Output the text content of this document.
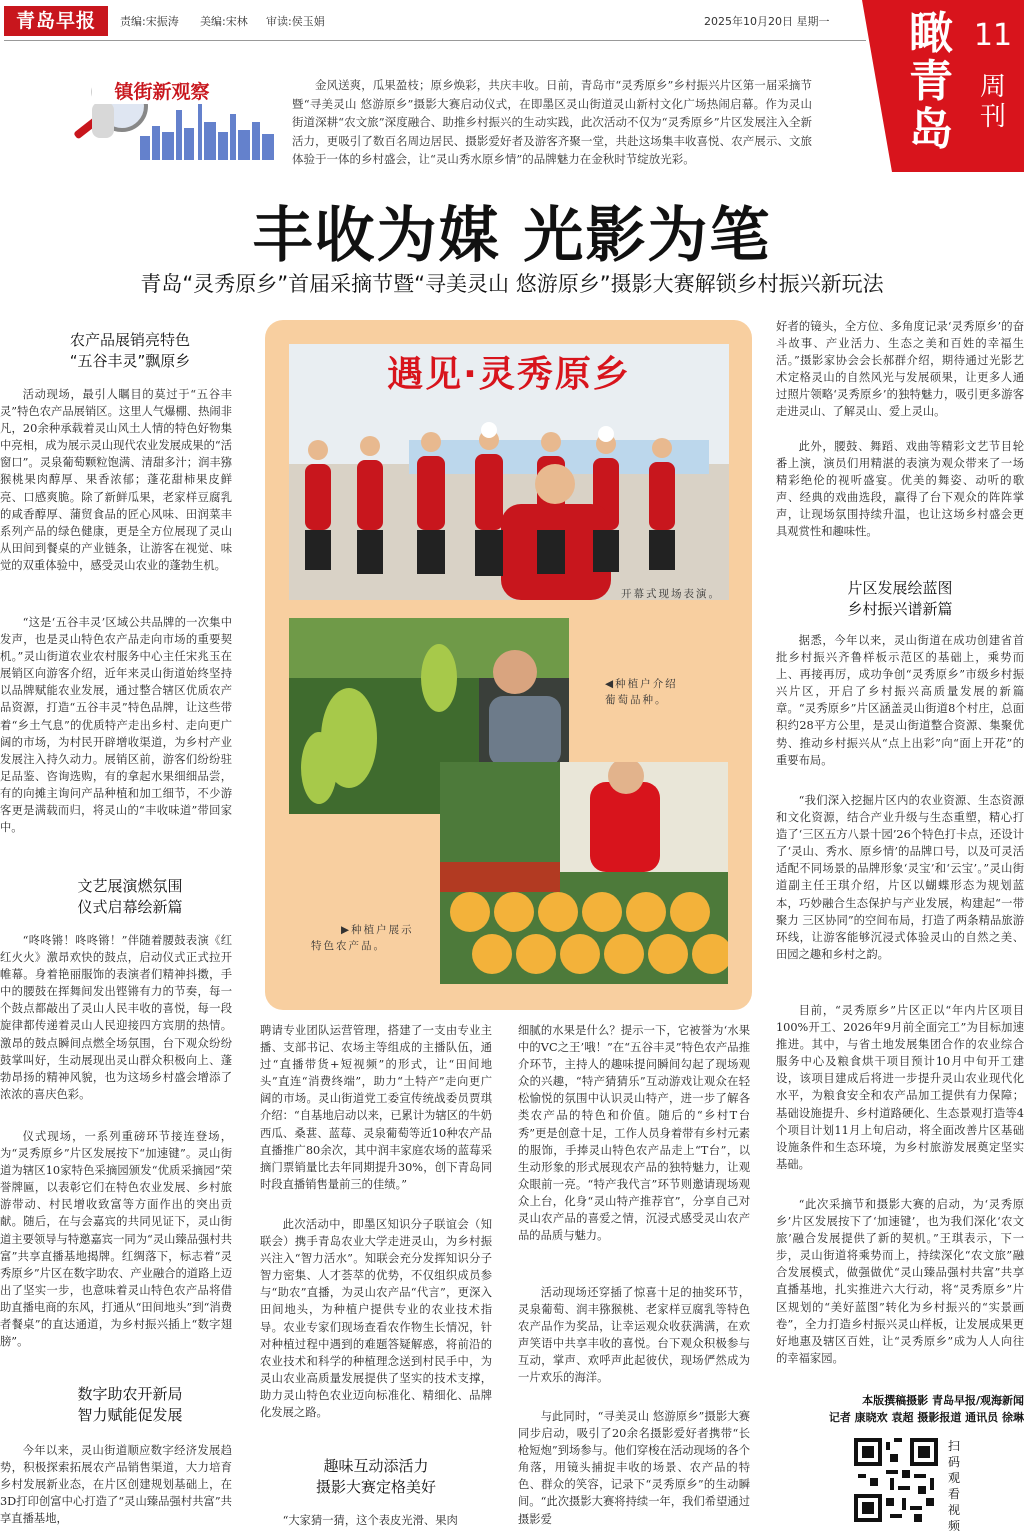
青岛早报	责编:宋振涛 美编:宋林 审读:侯玉娟	2025年10月20日 星期一 瞰青岛
11
周刊
镇街新观察	金风送爽，瓜果盈枝；原乡焕彩，共庆丰收。日前，青岛市“灵秀原乡”乡村振兴片区第一届采摘节暨“寻美灵山 悠游原乡”摄影大赛启动仪式，在即墨区灵山街道灵山新村文化广场热闹启幕。作为灵山街道深耕“农文旅”深度融合、助推乡村振兴的生动实践，此次活动不仅为“灵秀原乡”片区发展注入全新活力，更吸引了数百名周边居民、摄影爱好者及游客齐聚一堂，共赴这场集丰收喜悦、农产展示、文旅体验于一体的乡村盛会，让“灵山秀水原乡情”的品牌魅力在金秋时节绽放光彩。
丰收为媒 光影为笔
青岛“灵秀原乡”首届采摘节暨“寻美灵山 悠游原乡”摄影大赛解锁乡村振兴新玩法
农产品展销亮特色
“五谷丰灵”飘原乡
活动现场，最引人瞩目的莫过于“五谷丰灵”特色农产品展销区。这里人气爆棚、热闹非凡，20余种承载着灵山风土人情的特色好物集中亮相，成为展示灵山现代农业发展成果的“活窗口”。灵泉葡萄颗粒饱满、清甜多汁；润丰猕猴桃果肉醇厚、果香浓郁；蓬花甜柿果皮鲜亮、口感爽脆。除了新鲜瓜果，老家样豆腐乳的咸香醇厚、蒲贸食品的匠心风味、田润菜丰系列产品的绿色健康，更是全方位展现了灵山从田间到餐桌的产业链条，让游客在视觉、味觉的双重体验中，感受灵山农业的蓬勃生机。
“这是‘五谷丰灵’区域公共品牌的一次集中发声，也是灵山特色农产品走向市场的重要契机。”灵山街道农业农村服务中心主任宋兆玉在展销区向游客介绍，近年来灵山街道始终坚持以品牌赋能农业发展，通过整合辖区优质农产品资源，打造“五谷丰灵”特色品牌，让这些带着“乡土气息”的优质特产走出乡村、走向更广阔的市场，为村民开辟增收渠道，为乡村产业发展注入持久动力。展销区前，游客们纷纷驻足品鉴、咨询选购，有的拿起水果细细品尝，有的向摊主询问产品种植和加工细节，不少游客更是满载而归，将灵山的“丰收味道”带回家中。
文艺展演燃氛围
仪式启幕绘新篇
“咚咚锵！咚咚锵！”伴随着腰鼓表演《红红火火》激昂欢快的鼓点，启动仪式正式拉开帷幕。身着艳丽服饰的表演者们精神抖擞，手中的腰鼓在挥舞间发出铿锵有力的节奏，每一个鼓点都敲出了灵山人民丰收的喜悦，每一段旋律都传递着灵山人民迎接四方宾朋的热情。激昂的鼓点瞬间点燃全场氛围，台下观众纷纷鼓掌叫好，生动展现出灵山群众积极向上、蓬勃昂扬的精神风貌，也为这场乡村盛会增添了浓浓的喜庆色彩。
仪式现场，一系列重磅环节接连登场，为“灵秀原乡”片区发展按下“加速键”。灵山街道为辖区10家特色采摘园颁发“优质采摘园”荣誉牌匾，以表彰它们在特色农业发展、乡村旅游带动、村民增收致富等方面作出的突出贡献。随后，在与会嘉宾的共同见证下，灵山街道主要领导与特邀嘉宾一同为“灵山臻品强村共富”共享直播基地揭牌。红绸落下，标志着“灵秀原乡”片区在数字助农、产业融合的道路上迈出了坚实一步，也意味着灵山特色农产品将借助直播电商的东风，打通从“田间地头”到“消费者餐桌”的直达通道，为乡村振兴插上“数字翅膀”。
数字助农开新局
智力赋能促发展
今年以来，灵山街道顺应数字经济发展趋势，积极探索拓展农产品销售渠道，大力培育乡村发展新业态，在片区创建规划基础上，在3D打印创富中心打造了“灵山臻品强村共富”共享直播基地，
遇见·灵秀原乡
开幕式现场表演。
◀种植户介绍
葡萄品种。
▶种植户展示
特色农产品。
聘请专业团队运营管理，搭建了一支由专业主播、支部书记、农场主等组成的主播队伍，通过“直播带货+短视频”的形式，让“田间地头”直连“消费终端”，助力“土特产”走向更广阔的市场。灵山街道党工委宣传统战委员贾琪介绍：“自基地启动以来，已累计为辖区的牛奶西瓜、桑葚、蓝莓、灵泉葡萄等近10种农产品直播推广80余次，其中润丰家庭农场的蓝莓采摘门票销量比去年同期提升30%，创下青岛同时段直播销售量前三的佳绩。”
此次活动中，即墨区知识分子联谊会（知联会）携手青岛农业大学走进灵山，为乡村振兴注入“智力活水”。知联会充分发挥知识分子智力密集、人才荟萃的优势，不仅组织成员参与“助农”直播，为灵山农产品“代言”，更深入田间地头，为种植户提供专业的农业技术指导。农业专家们现场查看农作物生长情况，针对种植过程中遇到的难题答疑解惑，将前沿的农业技术和科学的种植理念送到村民手中，为灵山农业高质量发展提供了坚实的技术支撑，助力灵山特色农业迈向标准化、精细化、品牌化发展之路。
趣味互动添活力
摄影大赛定格美好
“大家猜一猜，这个表皮光滑、果肉
细腻的水果是什么？提示一下，它被誉为‘水果中的VC之王’哦！”在“五谷丰灵”特色农产品推介环节，主持人的趣味提问瞬间勾起了现场观众的兴趣，“特产猜猜乐”互动游戏让观众在轻松愉悦的氛围中认识灵山特产，进一步了解各类农产品的特色和价值。随后的“乡村T台秀”更是创意十足，工作人员身着带有乡村元素的服饰，手捧灵山特色农产品走上“T台”，以生动形象的形式展现农产品的独特魅力，让观众眼前一亮。“特产我代言”环节则邀请现场观众上台，化身“灵山特产推荐官”，分享自己对灵山农产品的喜爱之情，沉浸式感受灵山农产品的品质与魅力。
活动现场还穿插了惊喜十足的抽奖环节，灵泉葡萄、润丰猕猴桃、老家样豆腐乳等特色农产品作为奖品，让幸运观众收获满满，在欢声笑语中共享丰收的喜悦。台下观众积极参与互动，掌声、欢呼声此起彼伏，现场俨然成为一片欢乐的海洋。
与此同时，“寻美灵山 悠游原乡”摄影大赛同步启动，吸引了20余名摄影爱好者携带“长枪短炮”到场参与。他们穿梭在活动现场的各个角落，用镜头捕捉丰收的场景、农产品的特色、群众的笑容，记录下“灵秀原乡”的生动瞬间。“此次摄影大赛将持续一年，我们希望通过摄影爱
好者的镜头，全方位、多角度记录‘灵秀原乡’的奋斗故事、产业活力、生态之美和百姓的幸福生活。”摄影家协会会长郝群介绍，期待通过光影艺术定格灵山的自然风光与发展硕果，让更多人通过照片领略‘灵秀原乡’的独特魅力，吸引更多游客走进灵山、了解灵山、爱上灵山。
此外，腰鼓、舞蹈、戏曲等精彩文艺节目轮番上演，演员们用精湛的表演为观众带来了一场精彩绝伦的视听盛宴。优美的舞姿、动听的歌声、经典的戏曲选段，赢得了台下观众的阵阵掌声，让现场氛围持续升温，也让这场乡村盛会更具观赏性和趣味性。
片区发展绘蓝图
乡村振兴谱新篇
据悉，今年以来，灵山街道在成功创建省首批乡村振兴齐鲁样板示范区的基础上，乘势而上、再接再厉，成功争创“灵秀原乡”市级乡村振兴片区，开启了乡村振兴高质量发展的新篇章。“灵秀原乡”片区涵盖灵山街道8个村庄，总面积约28平方公里，是灵山街道整合资源、集聚优势、推动乡村振兴从“点上出彩”向“面上开花”的重要布局。
“我们深入挖掘片区内的农业资源、生态资源和文化资源，结合产业升级与生态重塑，精心打造了‘三区五方八景十园’26个特色打卡点，还设计了‘灵山、秀水、原乡情’的品牌口号，以及可灵活适配不同场景的品牌形象‘灵宝’和‘云宝’。”灵山街道副主任王琪介绍，片区以蝴蝶形态为规划蓝本，巧妙融合生态保护与产业发展，构建起“一带聚力 三区协同”的空间布局，打造了两条精品旅游环线，让游客能够沉浸式体验灵山的自然之美、田园之趣和乡村之韵。
目前，“灵秀原乡”片区正以“年内片区项目100%开工、2026年9月前全面完工”为目标加速推进。其中，与省土地发展集团合作的农业综合服务中心及粮食烘干项目预计10月中旬开工建设，该项目建成后将进一步提升灵山农业现代化水平，为粮食安全和农产品加工提供有力保障；基础设施提升、乡村道路硬化、生态景观打造等4个项目计划11月上旬启动，将全面改善片区基础设施条件和生态环境，为乡村旅游发展奠定坚实基础。
“此次采摘节和摄影大赛的启动，为‘灵秀原乡’片区发展按下了‘加速键’，也为我们深化‘农文旅’融合发展提供了新的契机。”王琪表示，下一步，灵山街道将乘势而上，持续深化“农文旅”融合发展模式，做强做优“灵山臻品强村共富”共享直播基地，扎实推进六大行动，将“灵秀原乡”片区规划的“美好蓝图”转化为乡村振兴的“实景画卷”，全力打造乡村振兴灵山样板，让发展成果更好地惠及辖区百姓，让“灵秀原乡”成为人人向往的幸福家园。
本版撰稿摄影 青岛早报/观海新闻
记者 康晓欢 袁超 摄影报道 通讯员 徐琳
扫码观看视频
